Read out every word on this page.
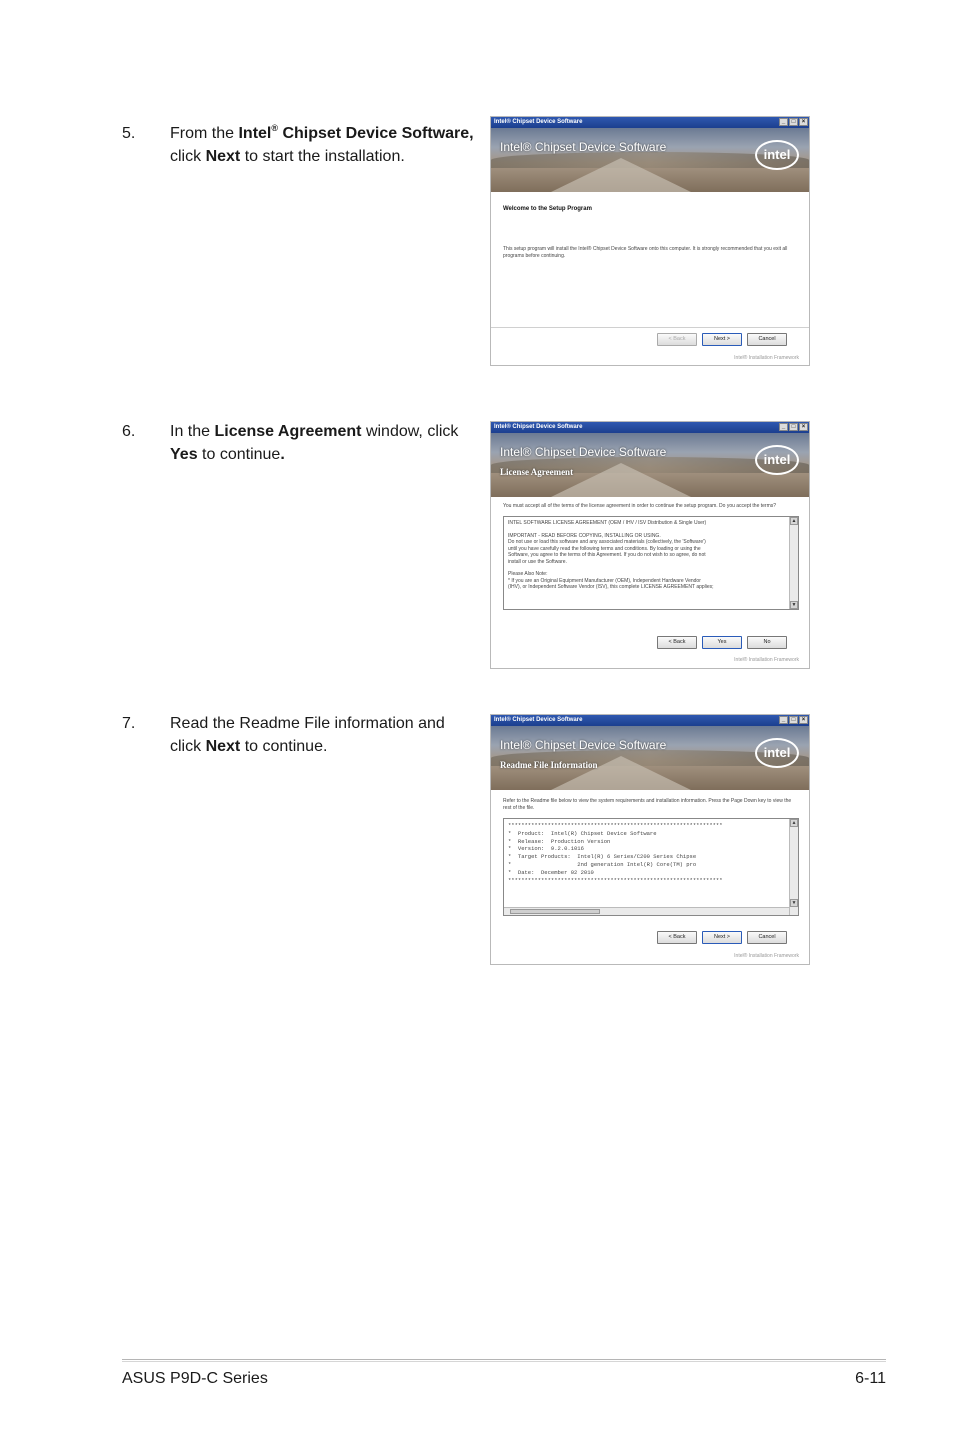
5. From the Intel® Chipset Device Software, click Next to start the installation.
Intel® Chipset Device Software	_	□	×
Intel® Chipset Device Software	intel
Welcome to the Setup Program
This setup program will install the Intel® Chipset Device Software onto this computer. It is strongly recommended that you exit all programs before continuing.
< Back	Next >	Cancel
Intel® Installation Framework
6. In the License Agreement window, click Yes to continue.
Intel® Chipset Device Software	_	□	×
Intel® Chipset Device Software
License Agreement
intel
You must accept all of the terms of the license agreement in order to continue the setup program. Do you accept the terms?
INTEL SOFTWARE LICENSE AGREEMENT (OEM / IHV / ISV Distribution & Single User)
IMPORTANT - READ BEFORE COPYING, INSTALLING OR USING.
Do not use or load this software and any associated materials (collectively, the 'Software')
until you have carefully read the following terms and conditions. By loading or using the
Software, you agree to the terms of this Agreement. If you do not wish to so agree, do not
install or use the Software.
Please Also Note:
* If you are an Original Equipment Manufacturer (OEM), Independent Hardware Vendor
(IHV), or Independent Software Vendor (ISV), this complete LICENSE AGREEMENT applies;
▲
▼
< Back	Yes	No
Intel® Installation Framework
7. Read the Readme File information and click Next to continue.
Intel® Chipset Device Software	_	□	×
Intel® Chipset Device Software
Readme File Information
intel
Refer to the Readme file below to view the system requirements and installation information. Press the Page Down key to view the rest of the file.
*****************************************************************
*  Product:  Intel(R) Chipset Device Software
*  Release:  Production Version
*  Version:  9.2.0.1016
*  Target Products:  Intel(R) 6 Series/C200 Series Chipse
*                    2nd generation Intel(R) Core(TM) pro
*  Date:  December 02 2010
*****************************************************************
▲
▼
< Back	Next >	Cancel
Intel® Installation Framework
ASUS P9D-C Series	6-11
